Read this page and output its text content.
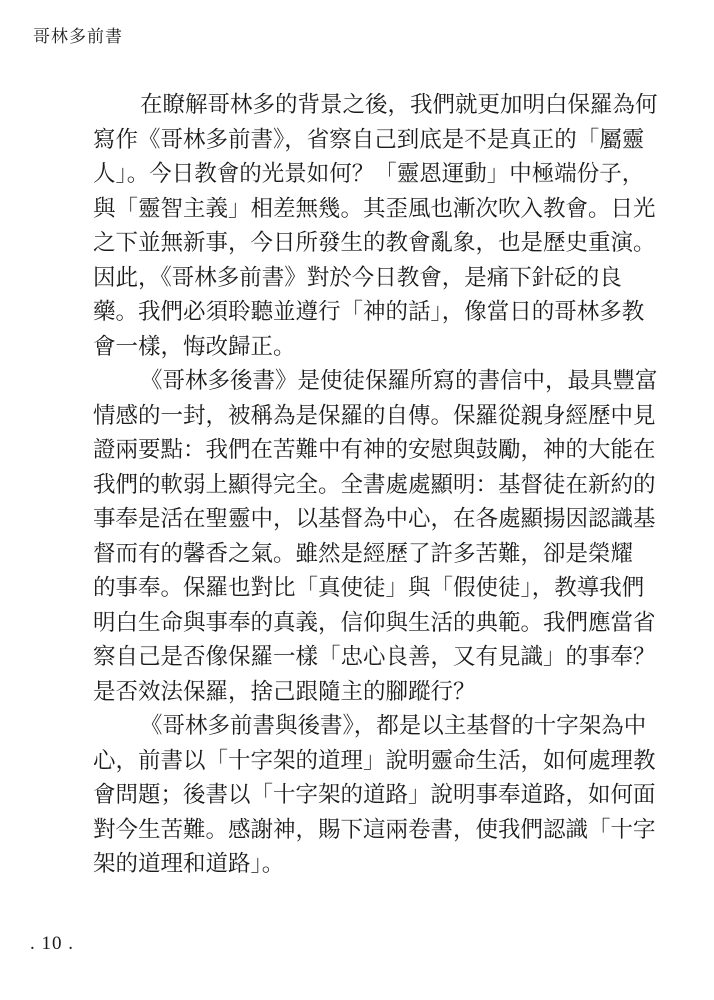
哥林多前書

在瞭解哥林多的背景之後，我們就更加明白保羅為何
寫作《哥林多前書》，省察自己到底是不是真正的「屬靈
人」。今日教會的光景如何？「靈恩運動」中極端份子，
與「靈智主義」相差無幾。其歪風也漸次吹入教會。日光
之下並無新事，今日所發生的教會亂象，也是歷史重演。
因此，《哥林多前書》對於今日教會，是痛下針砭的良
藥。我們必須聆聽並遵行「神的話」，像當日的哥林多教
會一樣，悔改歸正。

《哥林多後書》是使徒保羅所寫的書信中，最具豐富
情感的一封，被稱為是保羅的自傳。保羅從親身經歷中見
證兩要點：我們在苦難中有神的安慰與鼓勵，神的大能在
我們的軟弱上顯得完全。全書處處顯明：基督徒在新約的
事奉是活在聖靈中，以基督為中心，在各處顯揚因認識基
督而有的馨香之氣。雖然是經歷了許多苦難，卻是榮耀
的事奉。保羅也對比「真使徒」與「假使徒」，教導我們
明白生命與事奉的真義，信仰與生活的典範。我們應當省
察自己是否像保羅一樣「忠心良善，又有見識」的事奉？
是否效法保羅，捨己跟隨主的腳蹤行？

《哥林多前書與後書》，都是以主基督的十字架為中
心，前書以「十字架的道理」說明靈命生活，如何處理教
會問題；後書以「十字架的道路」說明事奉道路，如何面
對今生苦難。感謝神，賜下這兩卷書，使我們認識「十字
架的道理和道路」。

. 10 .
